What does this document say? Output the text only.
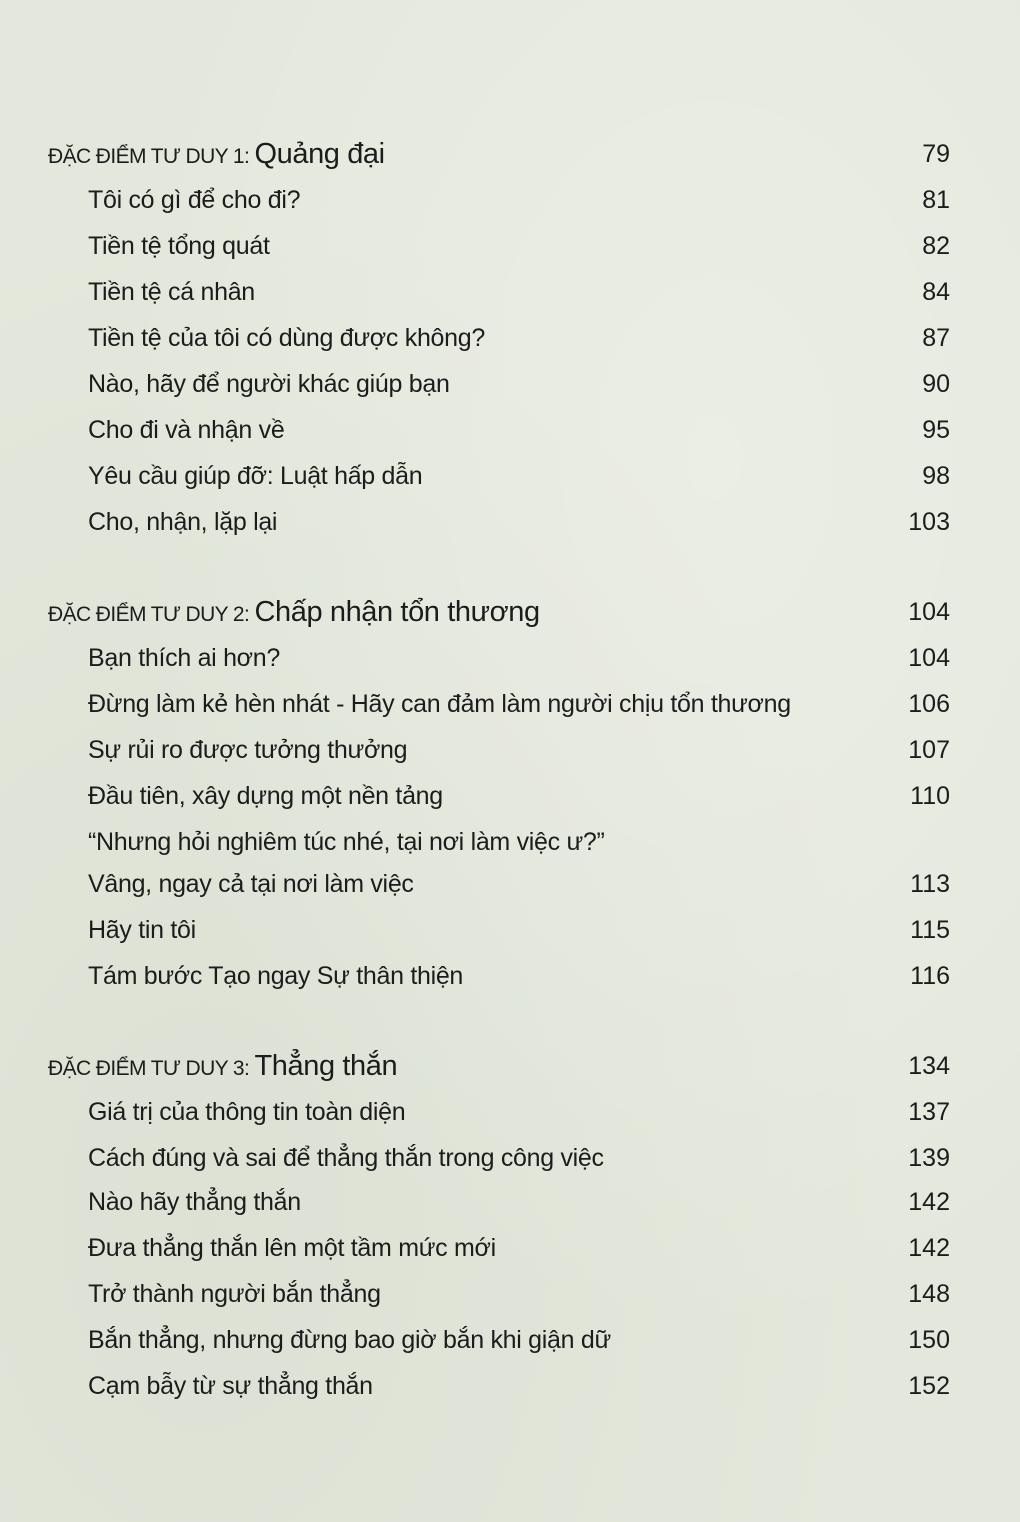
ĐẶC ĐIỂM TƯ DUY 1: Quảng đại	79
Tôi có gì để cho đi?	81
Tiền tệ tổng quát	82
Tiền tệ cá nhân	84
Tiền tệ của tôi có dùng được không?	87
Nào, hãy để người khác giúp bạn	90
Cho đi và nhận về	95
Yêu cầu giúp đỡ: Luật hấp dẫn	98
Cho, nhận, lặp lại	103
ĐẶC ĐIỂM TƯ DUY 2: Chấp nhận tổn thương	104
Bạn thích ai hơn?	104
Đừng làm kẻ hèn nhát - Hãy can đảm làm người chịu tổn thương	106
Sự rủi ro được tưởng thưởng	107
Đầu tiên, xây dựng một nền tảng	110
“Nhưng hỏi nghiêm túc nhé, tại nơi làm việc ư?”
Vâng, ngay cả tại nơi làm việc	113
Hãy tin tôi	115
Tám bước Tạo ngay Sự thân thiện	116
ĐẶC ĐIỂM TƯ DUY 3: Thẳng thắn	134
Giá trị của thông tin toàn diện	137
Cách đúng và sai để thẳng thắn trong công việc	139
Nào hãy thẳng thắn	142
Đưa thẳng thắn lên một tầm mức mới	142
Trở thành người bắn thẳng	148
Bắn thẳng, nhưng đừng bao giờ bắn khi giận dữ	150
Cạm bẫy từ sự thẳng thắn	152
